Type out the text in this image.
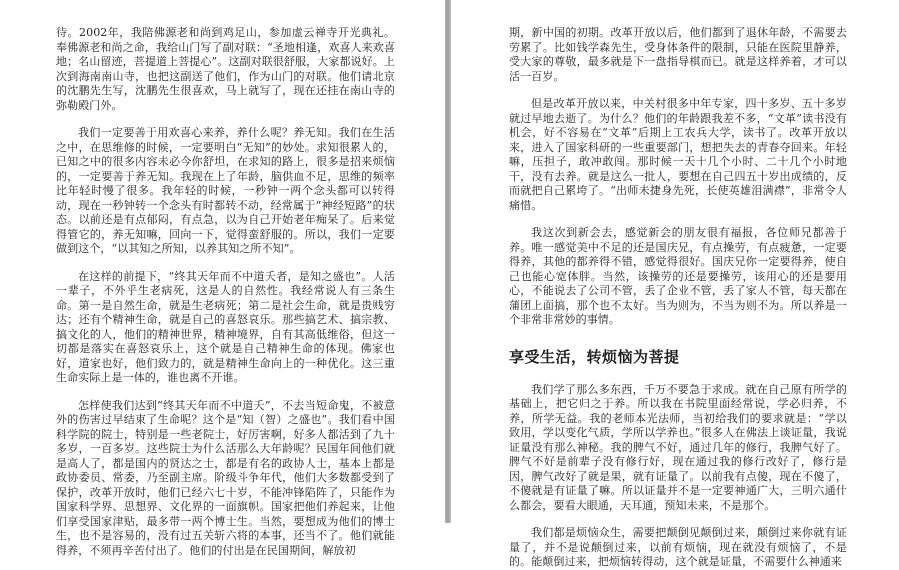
待。2002年，我陪佛源老和尚到鸡足山，参加虚云禅寺开光典礼。奉佛源老和尚之命，我给山门写了副对联：“圣地相逢，欢喜人来欢喜地；名山留迹，菩提道上菩提心”。这副对联很舒服，大家都说好。上次到海南南山寺，也把这副送了他们，作为山门的对联。他们请北京的沈鹏先生写，沈鹏先生很喜欢，马上就写了，现在还挂在南山寺的弥勒殿门外。

我们一定要善于用欢喜心来养，养什么呢？养无知。我们在生活之中，在思维修的时候，一定要明白“无知”的妙处。求知很累人的，已知之中的很多内容未必今你舒坦，在求知的路上，很多是招来烦恼的，一定要善于养无知。我现在上了年龄，脑供血不足，思维的频率比年轻时慢了很多。我年轻的时候，一秒钟一两个念头都可以转得动，现在一秒钟转一个念头有时都转不动，经常属于“神经短路”的状态。以前还是有点郁闷，有点急，以为自己开始老年痴呆了。后来觉得管它的，养无知嘛，回向一下，觉得蛮舒服的。所以，我们一定要做到这个，“以其知之所知，以养其知之所不知”。

在这样的前提下，“终其天年而不中道夭者，是知之盛也”。人活一辈子，不外乎生老病死，这是人的自然性。我经常说人有三条生命。第一是自然生命，就是生老病死；第二是社会生命，就是贵贱穷达；还有个精神生命，就是自己的喜怒哀乐。那些搞艺术、搞宗教、搞文化的人，他们的精神世界，精神境界，自有其高低维俗，但这一切都是落实在喜怒哀乐上，这个就是自己精神生命的体现。佛家也好，道家也好，他们致力的，就是精神生命向上的一种优化。这三重生命实际上是一体的，谁也离不开谁。

怎样使我们达到“终其天年而不中道夭”，不去当短命鬼，不被意外的伤害过早结束了生命呢？这个是“知（智）之盛也”。我们看中国科学院的院士，特别是一些老院士，好厉害啊，好多人都活到了九十多岁，一百多岁。这些院士为什么活那么大年龄呢？民国年间他们就是高人了，都是国内的贤达之士，都是有名的政协人士，基本上都是政协委员、常委，乃至副主席。阶级斗争年代，他们大多数都受到了保护，改革开放时，他们已经六七十岁，不能冲锋陷阵了，只能作为国家科学界、思想界、文化界的一面旗帜。国家把他们养起来，让他们享受国家津贴，最多带一两个博士生。当然，要想成为他们的博士生，也不是容易的，没有过五关斩六将的本事，还当不了。他们就能得养，不须再辛苦付出了。他们的付出是在民国期间，解放初

期，新中国的初期。改革开放以后，他们都到了退休年龄，不需要去劳累了。比如钱学森先生，受身体条件的限制，只能在医院里静养，受大家的尊敬，最多就是下一盘指导棋而已。就是这样养着，才可以活一百岁。

但是改革开放以来，中关村很多中年专家，四十多岁、五十多岁就过早地去逝了。为什么？他们的年龄跟我差不多，“文革”读书没有机会，好不容易在“文革”后期上工农兵大学，读书了。改革开放以来，进入了国家科研的一些重要部门，想把失去的青春夺回来。年轻嘛，压担子，敢冲敢闯。那时候一天十几个小时、二十几个小时地干，没有去养。就是这么一批人，要想在自己四五十岁出成绩的，反而就把自己累垮了。“出师未捷身先死，长使英雄泪满襟”，非常令人痛惜。

我这次到新会去，感觉新会的朋友很有福报，各位师兄都善于养。唯一感觉美中不足的还是国庆兄，有点操劳，有点疲惫，一定要得养，其他的都养得不错，感觉得很好。国庆兄你一定要得养，使自己也能心宽体胖。当然，该操劳的还是要操劳，该用心的还是要用心，不能说去了公司不管，丢了企业不管，丢了家人不管，每天都在蒲团上面搞，那个也不太好。当为则为，不当为则不为。所以养是一个非常非常妙的事情。

享受生活，转烦恼为菩提

我们学了那么多东西，千万不要急于求成。就在自己原有所学的基础上，把它归之于养。所以我在书院里面经常说，学必归养，不养，所学无益。我的老师本光法师，当初给我们的要求就是：“学以致用，学以变化气质，学所以学养也。”很多人在佛法上谈证量，我说证量没有那么神秘。我的脾气不好，通过几年的修行，我脾气好了。脾气不好是前辈子没有修行好，现在通过我的修行改好了，修行是因，脾气改好了就是果，就有证量了。以前我有点傻，现在不傻了，不傻就是有证量了嘛。所以证量并不是一定要神通广大，三明六通什么都会，要看大眼通，天耳通，预知未来，不是那个。

我们都是烦恼众生，需要把颠倒见颠倒过来，颠倒过来你就有证量了，并不是说颠倒过来，以前有烦恼，现在就没有烦恼了，不是的。能颠倒过来，把烦恼转得动，这个就是证量，不需要什么神通来
